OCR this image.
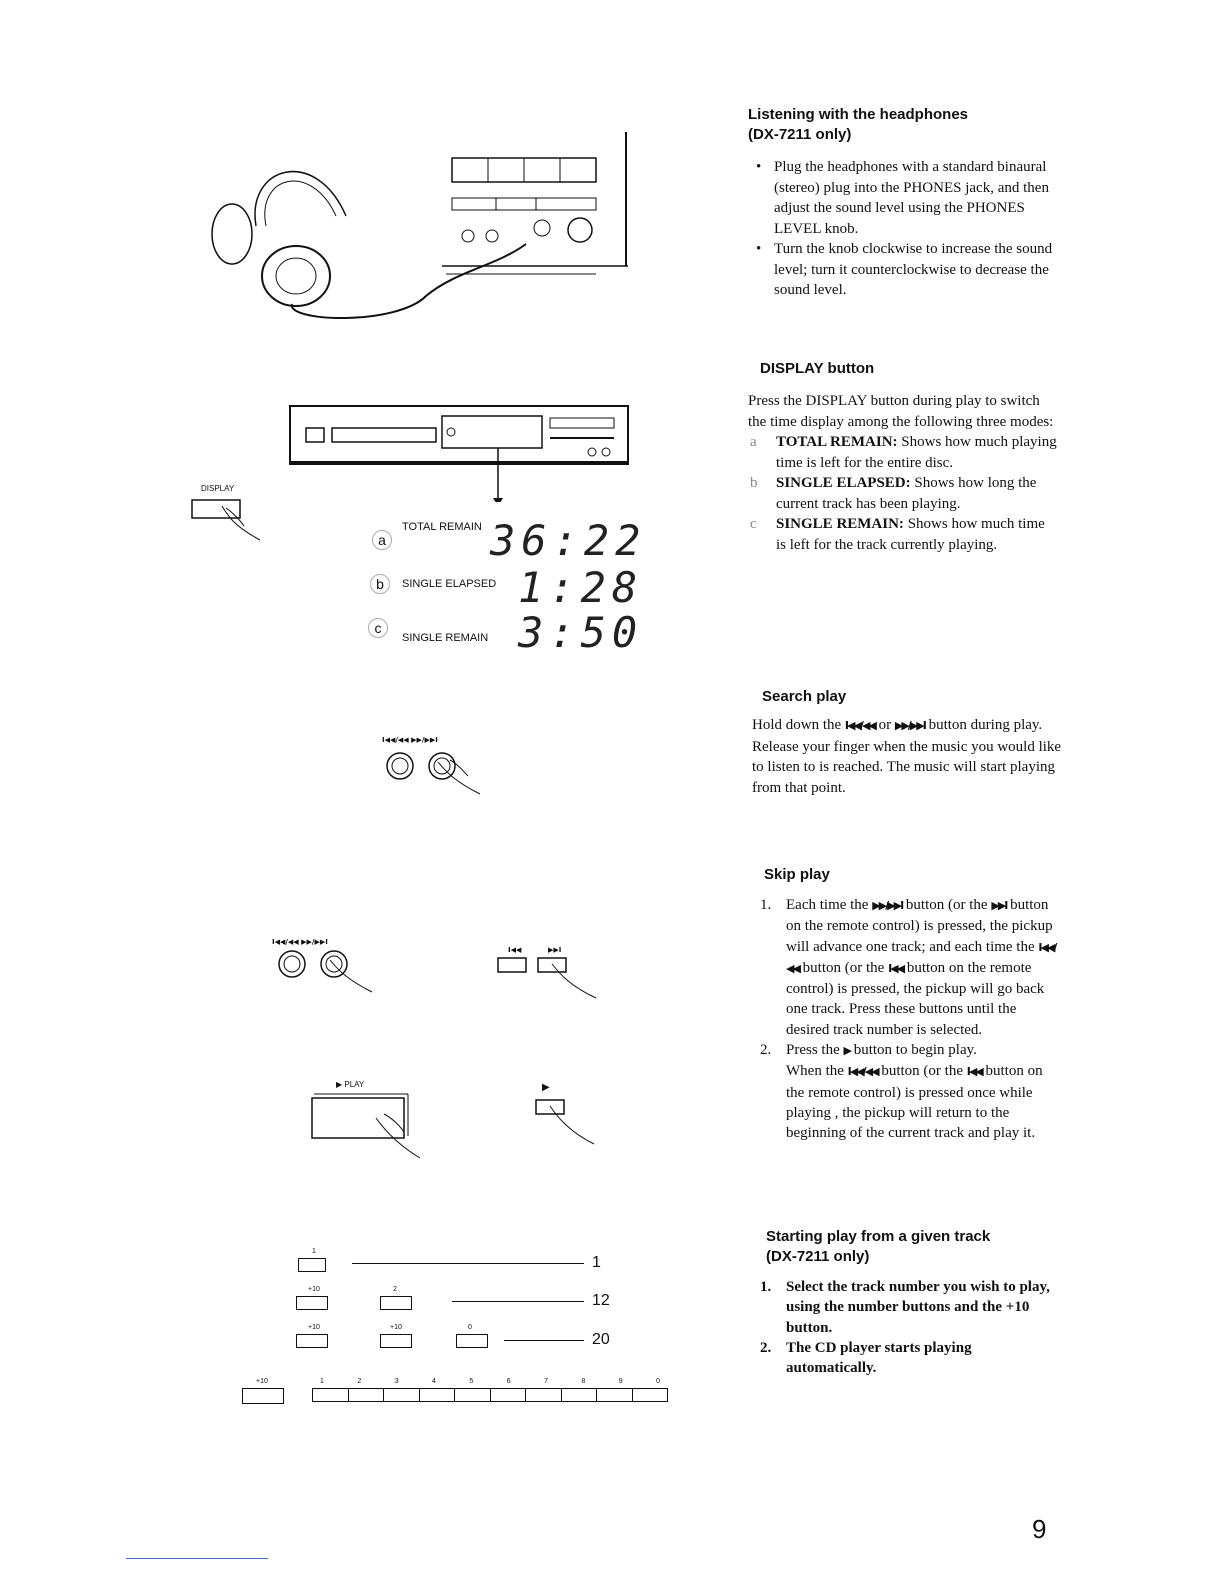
DISPLAY
a
TOTAL REMAIN 36:22
b	SINGLE ELAPSED 1:28
c
SINGLE REMAIN 3:50
I◀◀/◀◀ ▶▶/▶▶I
I◀◀/◀◀ ▶▶/▶▶I
I◀◀	▶▶I
▶ PLAY	▶
1
1
+10	2
12
+10	+10	0
20
+10	1	2	3	4	5	6	7	8	9	0
Listening with the headphones
(DX-7211 only)
• Plug the headphones with a standard binaural (stereo) plug into the PHONES jack, and then adjust the sound level using the PHONES LEVEL knob.
• Turn the knob clockwise to increase the sound level; turn it counterclockwise to decrease the sound level.
DISPLAY button
Press the DISPLAY button during play to switch the time display among the following three modes:
a TOTAL REMAIN: Shows how much playing time is left for the entire disc.
b SINGLE ELAPSED: Shows how long the current track has been playing.
c SINGLE REMAIN: Shows how much time is left for the track currently playing.
Search play
Hold down the I◀◀/◀◀ or ▶▶/▶▶I button during play.
Release your finger when the music you would like to listen to is reached. The music will start playing from that point.
Skip play
1. Each time the ▶▶/▶▶I button (or the ▶▶I button on the remote control) is pressed, the pickup will advance one track; and each time the I◀◀/◀◀ button (or the I◀◀ button on the remote control) is pressed, the pickup will go back one track. Press these buttons until the desired track number is selected.
2. Press the ▶ button to begin play.
When the I◀◀/◀◀ button (or the I◀◀ button on the remote control) is pressed once while playing , the pickup will return to the beginning of the current track and play it.
Starting play from a given track
(DX-7211 only)
1. Select the track number you wish to play, using the number buttons and the +10 button.
2. The CD player starts playing automatically.
9
